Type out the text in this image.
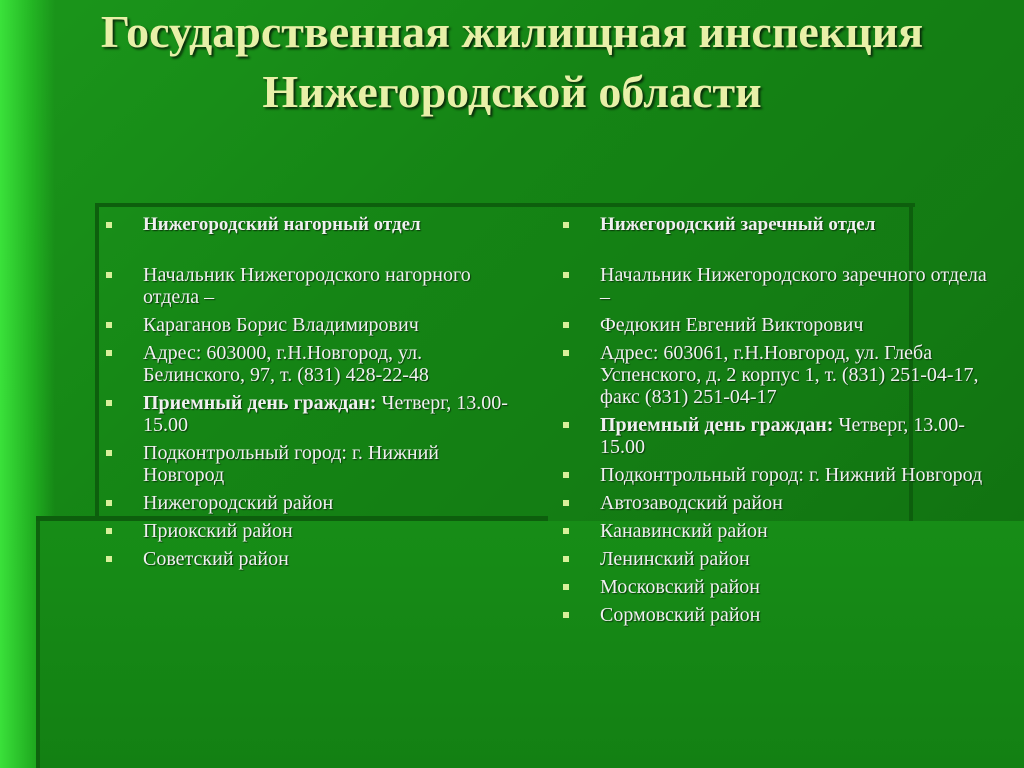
Государственная жилищная инспекция
Нижегородской области
Нижегородский нагорный отдел
Начальник Нижегородского нагорного отдела –
Караганов Борис Владимирович
Адрес: 603000, г.Н.Новгород, ул. Белинского, 97, т. (831) 428-22-48
Приемный день граждан: Четверг, 13.00-15.00
Подконтрольный город: г. Нижний Новгород
Нижегородский район
Приокский район
Советский район
Нижегородский заречный отдел
Начальник Нижегородского заречного отдела –
Федюкин Евгений Викторович
Адрес: 603061, г.Н.Новгород, ул. Глеба Успенского, д. 2 корпус 1, т. (831) 251-04-17, факс (831) 251-04-17
Приемный день граждан: Четверг, 13.00-15.00
Подконтрольный город: г. Нижний Новгород
Автозаводский район
Канавинский район
Ленинский район
Московский район
Сормовский район
